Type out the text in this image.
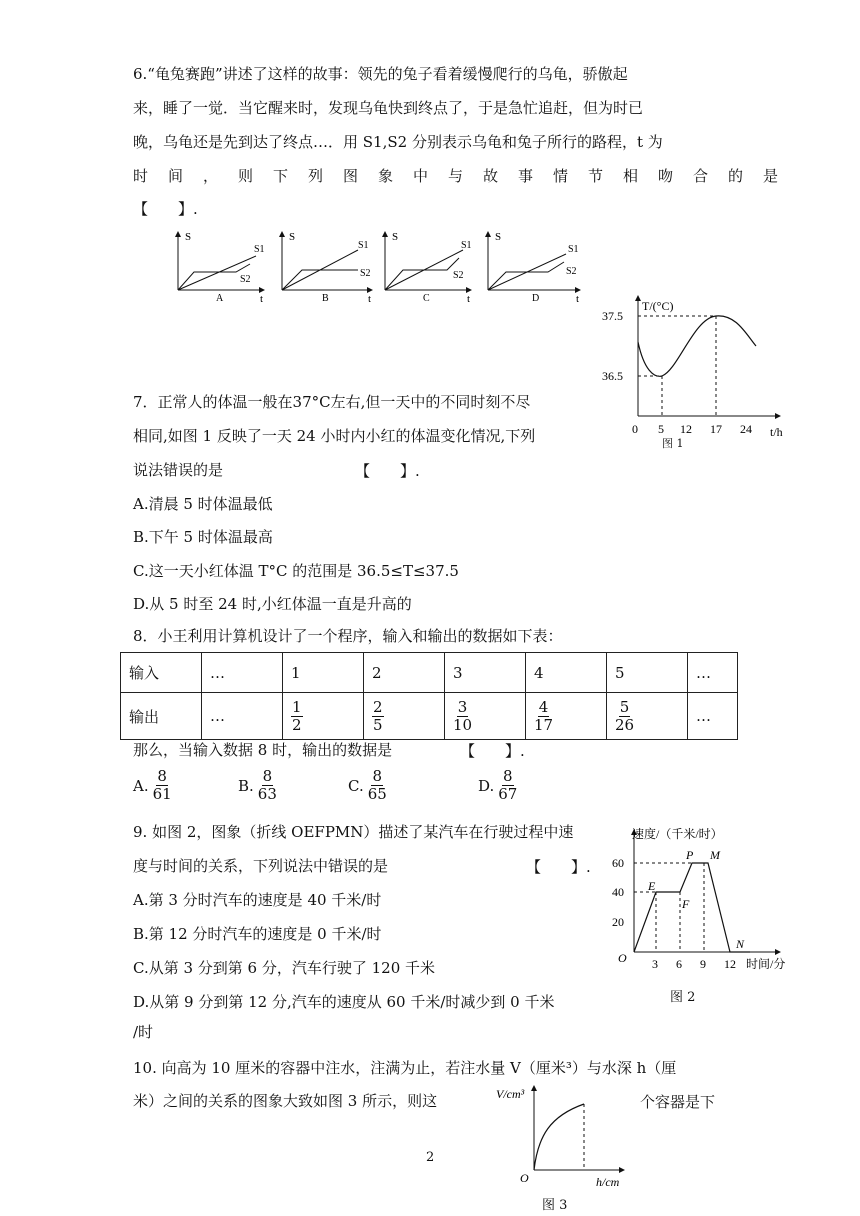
6.“龟兔赛跑”讲述了这样的故事：领先的兔子看着缓慢爬行的乌龟，骄傲起
来，睡了一觉．当它醒来时，发现乌龟快到终点了，于是急忙追赶，但为时已
晚，乌龟还是先到达了终点…．用 S1,S2 分别表示乌龟和兔子所行的路程，t 为
时间，则下列图象中与故事情节相吻合的是
【　　】.
S
t
S1
S2
A
S
t
S1
S2
B
S
t
S1
S2
C
S
t
S1
S2
D
T/(°C)
t/h
37.5
36.5
0 5 12 17 24
图 1
7．正常人的体温一般在37°C左右,但一天中的不同时刻不尽
相同,如图 1 反映了一天 24 小时内小红的体温变化情况,下列
说法错误的是	【　　】.
A.清晨 5 时体温最低
B.下午 5 时体温最高
C.这一天小红体温 T°C 的范围是 36.5≤T≤37.5
D.从 5 时至 24 时,小红体温一直是升高的
8．小王利用计算机设计了一个程序，输入和输出的数据如下表：
输入	…	1	2	3	4	5	…
输出	…	$\frac{1}{2}$	$\frac{2}{5}$	$\frac{3}{10}$	$\frac{4}{17}$	$\frac{5}{26}$	…
那么，当输入数据 8 时，输出的数据是	【　　】.
A. $\frac{8}{61}$	B. $\frac{8}{63}$	C. $\frac{8}{65}$	D. $\frac{8}{67}$
9. 如图 2，图象（折线 OEFPMN）描述了某汽车在行驶过程中速
度与时间的关系，下列说法中错误的是	【　　】.
A.第 3 分时汽车的速度是 40 千米/时
B.第 12 分时汽车的速度是 0 千米/时
C.从第 3 分到第 6 分，汽车行驶了 120 千米
D.从第 9 分到第 12 分,汽车的速度从 60 千米/时减少到 0 千米
/时
速度/（千米/时）
时间/分
60
40
20
O
E
F
P M
N
3 6 9 12
图 2
10. 向高为 10 厘米的容器中注水，注满为止，若注水量 V（厘米³）与水深 h（厘
米）之间的关系的图象大致如图 3 所示，则这	个容器是下
V/cm³
O	h/cm
图 3
2
